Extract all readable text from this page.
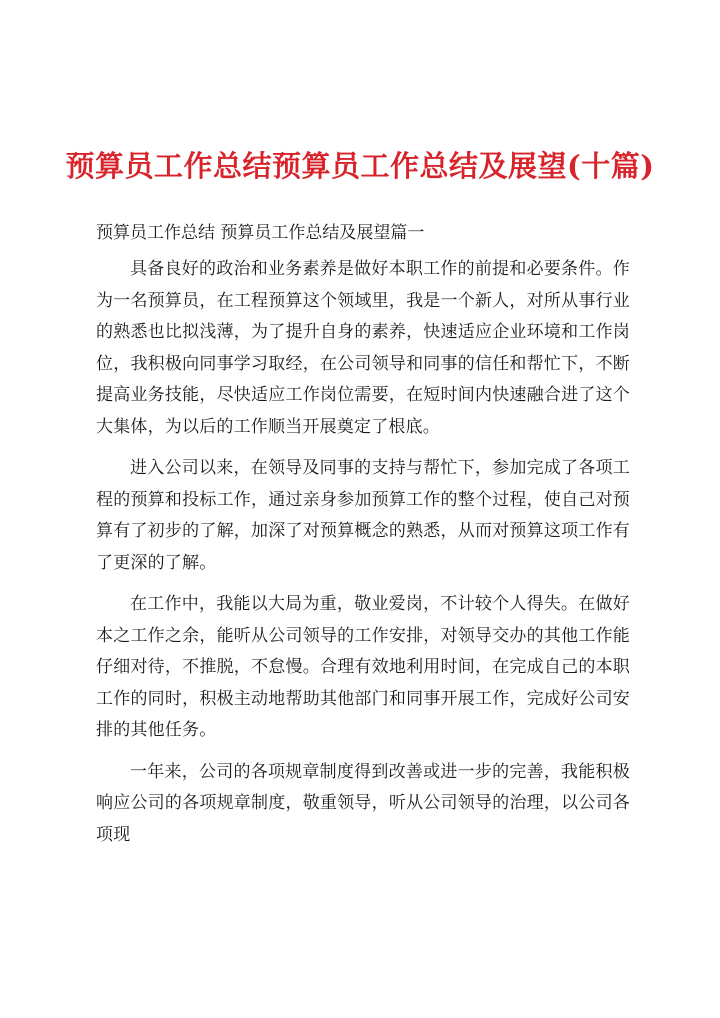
预算员工作总结预算员工作总结及展望(十篇)

预算员工作总结 预算员工作总结及展望篇一

具备良好的政治和业务素养是做好本职工作的前提和必要条件。作为一名预算员，在工程预算这个领域里，我是一个新人，对所从事行业的熟悉也比拟浅薄，为了提升自身的素养，快速适应企业环境和工作岗位，我积极向同事学习取经，在公司领导和同事的信任和帮忙下，不断提高业务技能，尽快适应工作岗位需要，在短时间内快速融合进了这个大集体，为以后的工作顺当开展奠定了根底。

进入公司以来，在领导及同事的支持与帮忙下，参加完成了各项工程的预算和投标工作，通过亲身参加预算工作的整个过程，使自己对预算有了初步的了解，加深了对预算概念的熟悉，从而对预算这项工作有了更深的了解。

在工作中，我能以大局为重，敬业爱岗，不计较个人得失。在做好本之工作之余，能听从公司领导的工作安排，对领导交办的其他工作能仔细对待，不推脱，不怠慢。合理有效地利用时间，在完成自己的本职工作的同时，积极主动地帮助其他部门和同事开展工作，完成好公司安排的其他任务。

一年来，公司的各项规章制度得到改善或进一步的完善，我能积极响应公司的各项规章制度，敬重领导，听从公司领导的治理，以公司各项现
